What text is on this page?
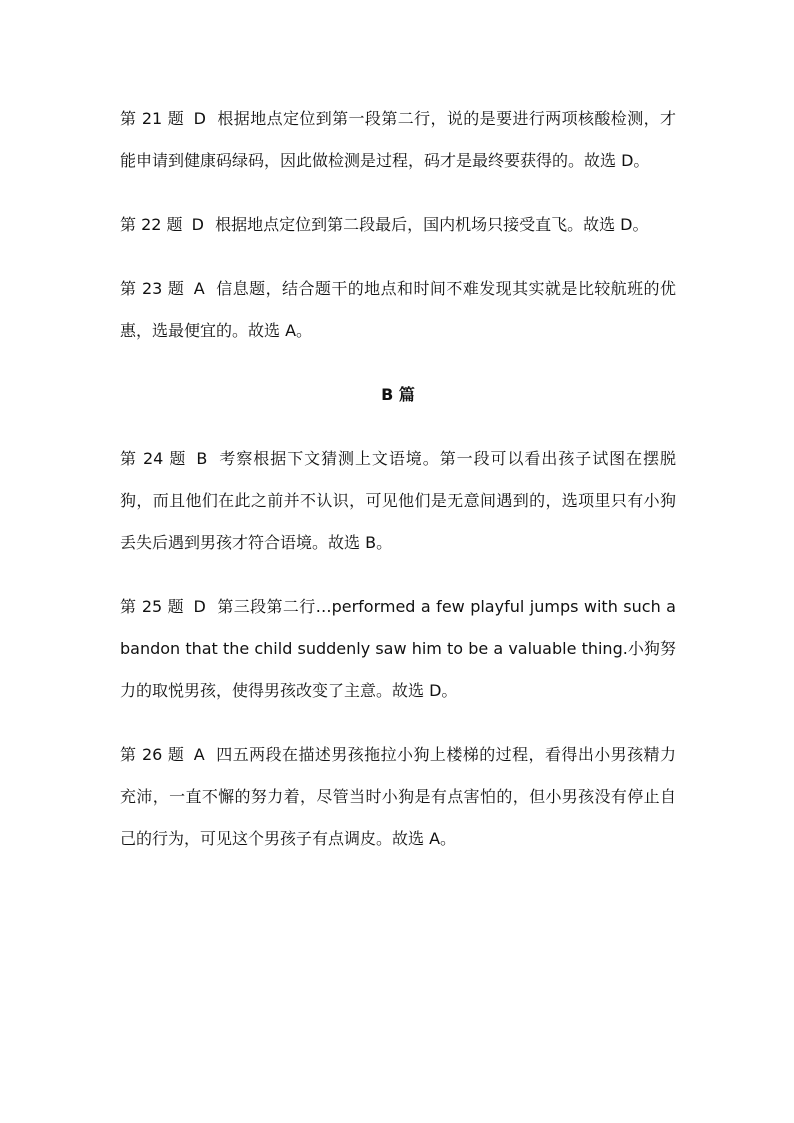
第 21 题 D 根据地点定位到第一段第二行，说的是要进行两项核酸检测，才能申请到健康码绿码，因此做检测是过程，码才是最终要获得的。故选 D。

第 22 题 D 根据地点定位到第二段最后，国内机场只接受直飞。故选 D。

第 23 题 A 信息题，结合题干的地点和时间不难发现其实就是比较航班的优惠，选最便宜的。故选 A。

B 篇

第 24 题 B 考察根据下文猜测上文语境。第一段可以看出孩子试图在摆脱狗，而且他们在此之前并不认识，可见他们是无意间遇到的，选项里只有小狗丢失后遇到男孩才符合语境。故选 B。

第 25 题 D 第三段第二行…performed a few playful jumps with such abandon that the child suddenly saw him to be a valuable thing.小狗努力的取悦男孩，使得男孩改变了主意。故选 D。

第 26 题 A 四五两段在描述男孩拖拉小狗上楼梯的过程，看得出小男孩精力充沛，一直不懈的努力着，尽管当时小狗是有点害怕的，但小男孩没有停止自己的行为，可见这个男孩子有点调皮。故选 A。
